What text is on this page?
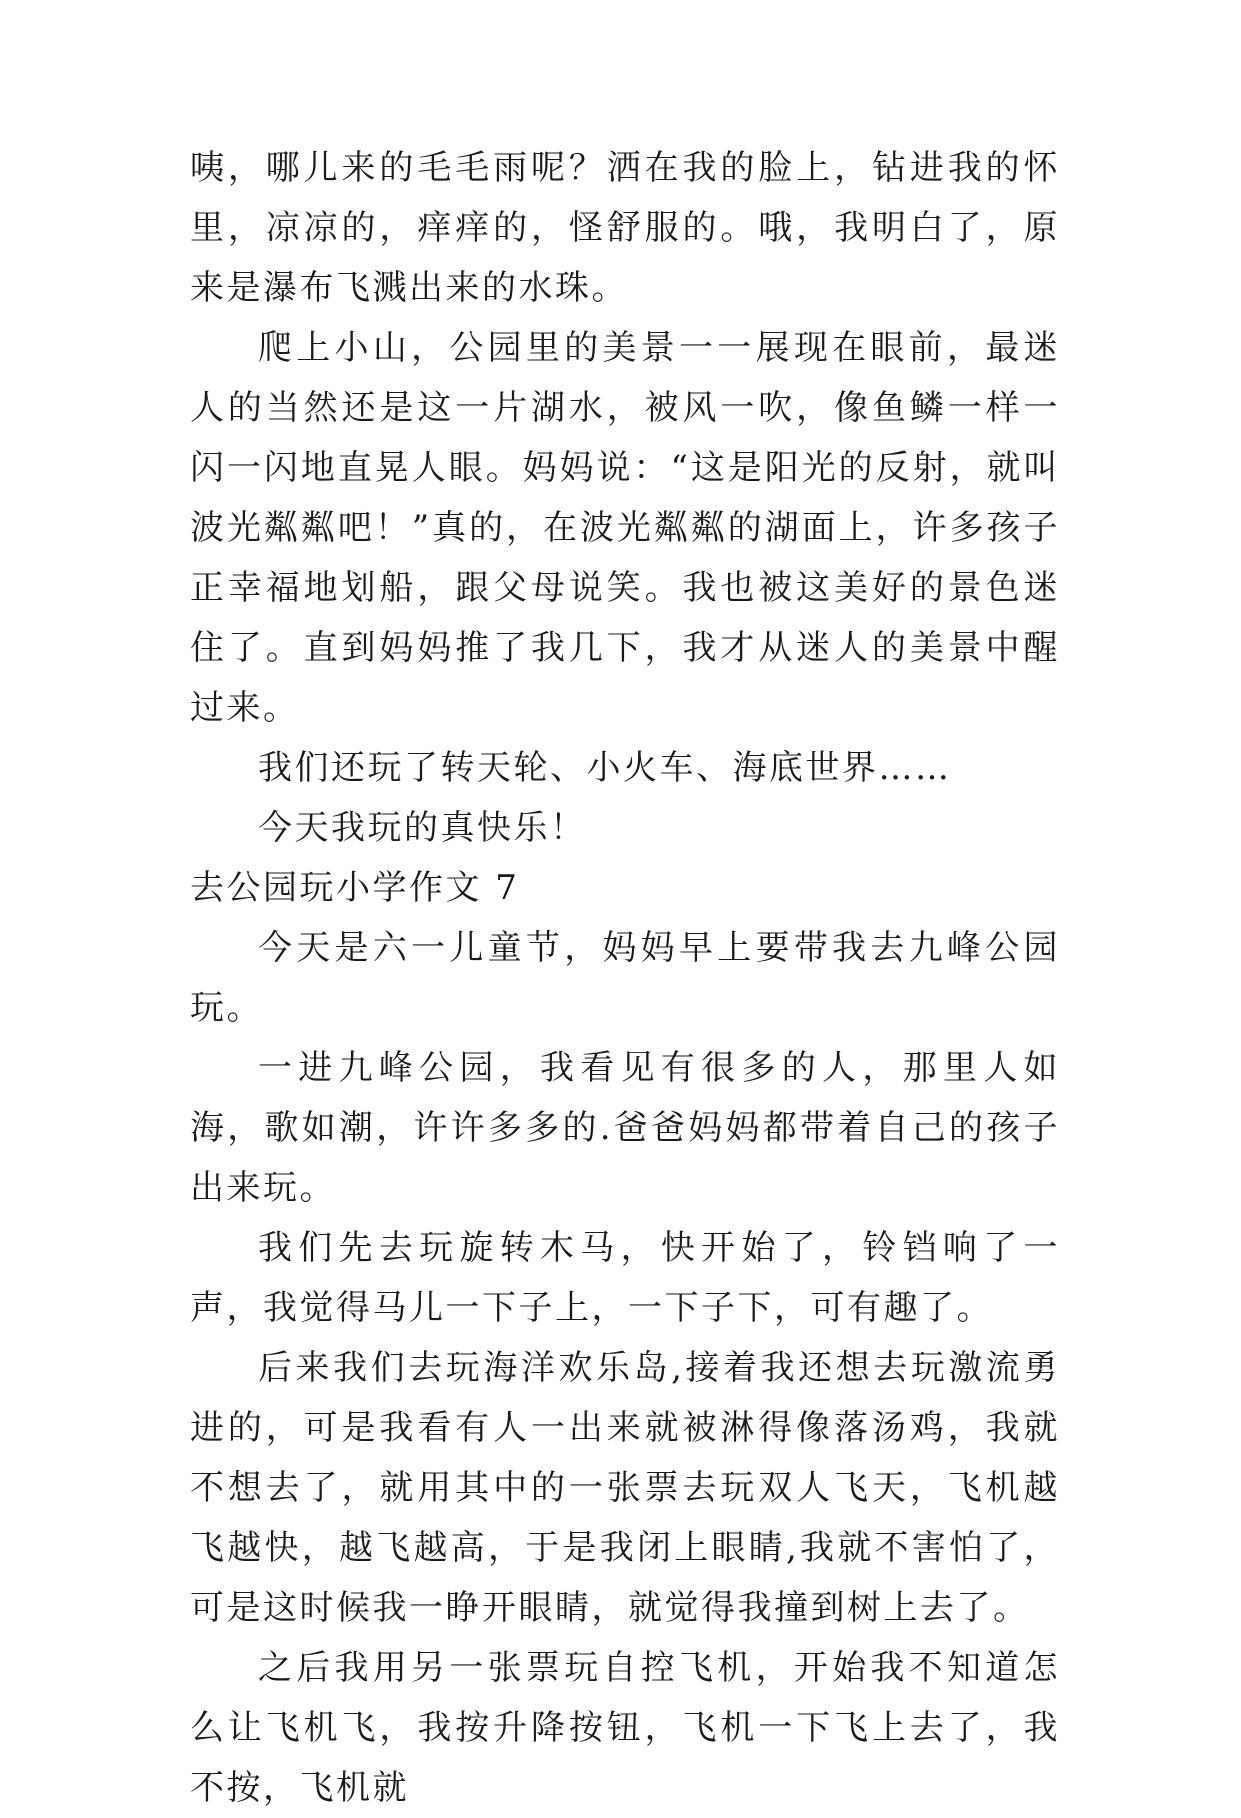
咦，哪儿来的毛毛雨呢？洒在我的脸上，钻进我的怀里，凉凉的，痒痒的，怪舒服的。哦，我明白了，原来是瀑布飞溅出来的水珠。

爬上小山，公园里的美景一一展现在眼前，最迷人的当然还是这一片湖水，被风一吹，像鱼鳞一样一闪一闪地直晃人眼。妈妈说：“这是阳光的反射，就叫波光粼粼吧！”真的，在波光粼粼的湖面上，许多孩子正幸福地划船，跟父母说笑。我也被这美好的景色迷住了。直到妈妈推了我几下，我才从迷人的美景中醒过来。

我们还玩了转天轮、小火车、海底世界……

今天我玩的真快乐！

去公园玩小学作文 7

今天是六一儿童节，妈妈早上要带我去九峰公园玩。

一进九峰公园，我看见有很多的人，那里人如海，歌如潮，许许多多的.爸爸妈妈都带着自己的孩子出来玩。

我们先去玩旋转木马，快开始了，铃铛响了一声，我觉得马儿一下子上，一下子下，可有趣了。

后来我们去玩海洋欢乐岛,接着我还想去玩激流勇进的，可是我看有人一出来就被淋得像落汤鸡，我就不想去了，就用其中的一张票去玩双人飞天，飞机越飞越快，越飞越高，于是我闭上眼睛,我就不害怕了，可是这时候我一睁开眼睛，就觉得我撞到树上去了。

之后我用另一张票玩自控飞机，开始我不知道怎么让飞机飞，我按升降按钮，飞机一下飞上去了，我不按，飞机就
